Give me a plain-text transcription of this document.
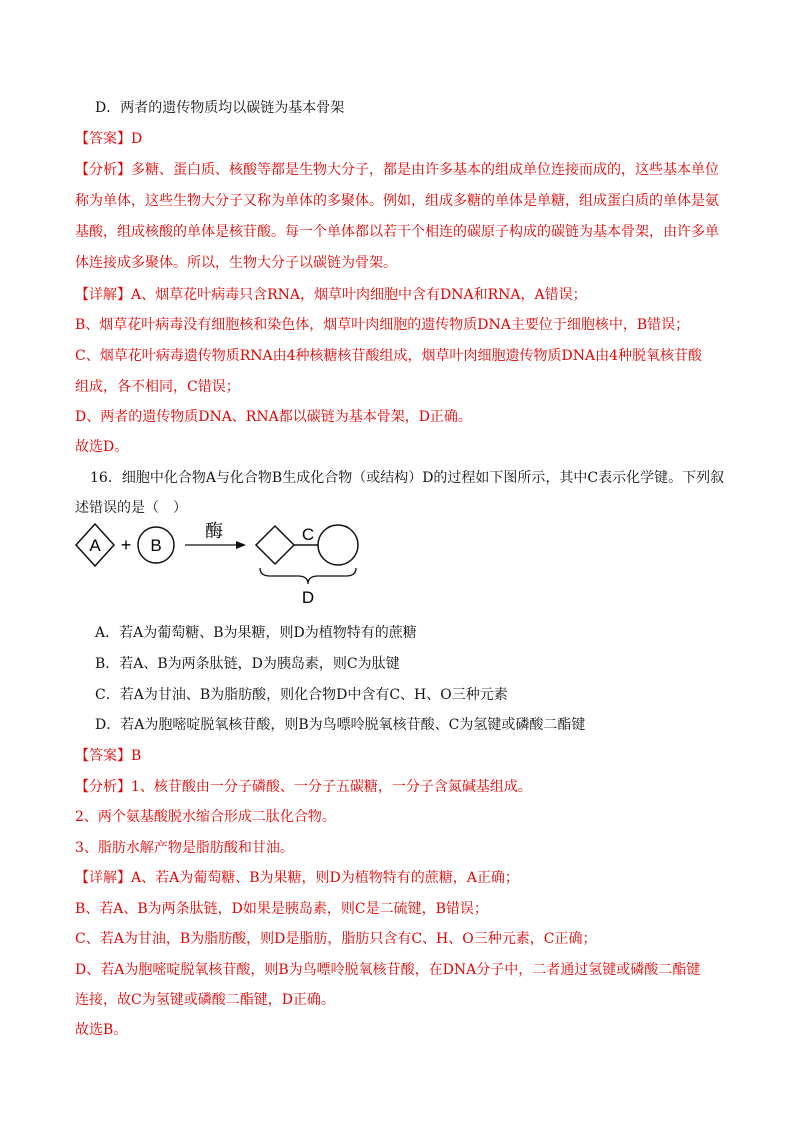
D．两者的遗传物质均以碳链为基本骨架
【答案】D
【分析】多糖、蛋白质、核酸等都是生物大分子，都是由许多基本的组成单位连接而成的，这些基本单位
称为单体，这些生物大分子又称为单体的多聚体。例如，组成多糖的单体是单糖，组成蛋白质的单体是氨
基酸，组成核酸的单体是核苷酸。每一个单体都以若干个相连的碳原子构成的碳链为基本骨架，由许多单
体连接成多聚体。所以，生物大分子以碳链为骨架。
【详解】A、烟草花叶病毒只含RNA，烟草叶肉细胞中含有DNA和RNA，A错误；
B、烟草花叶病毒没有细胞核和染色体，烟草叶肉细胞的遗传物质DNA主要位于细胞核中，B错误；
C、烟草花叶病毒遗传物质RNA由4种核糖核苷酸组成，烟草叶肉细胞遗传物质DNA由4种脱氧核苷酸
组成，各不相同，C错误；
D、两者的遗传物质DNA、RNA都以碳链为基本骨架，D正确。
故选D。
16．细胞中化合物A与化合物B生成化合物（或结构）D的过程如下图所示，其中C表示化学键。下列叙
述错误的是（　）
A + B
酶	C
D
A．若A为葡萄糖、B为果糖，则D为植物特有的蔗糖
B．若A、B为两条肽链，D为胰岛素，则C为肽键
C．若A为甘油、B为脂肪酸，则化合物D中含有C、H、O三种元素
D．若A为胞嘧啶脱氧核苷酸，则B为鸟嘌呤脱氧核苷酸、C为氢键或磷酸二酯键
【答案】B
【分析】1、核苷酸由一分子磷酸、一分子五碳糖，一分子含氮碱基组成。
2、两个氨基酸脱水缩合形成二肽化合物。
3、脂肪水解产物是脂肪酸和甘油。
【详解】A、若A为葡萄糖、B为果糖，则D为植物特有的蔗糖，A正确；
B、若A、B为两条肽链，D如果是胰岛素，则C是二硫键，B错误；
C、若A为甘油，B为脂肪酸，则D是脂肪，脂肪只含有C、H、O三种元素，C正确；
D、若A为胞嘧啶脱氧核苷酸，则B为鸟嘌呤脱氧核苷酸，在DNA分子中，二者通过氢键或磷酸二酯键
连接，故C为氢键或磷酸二酯键，D正确。
故选B。
